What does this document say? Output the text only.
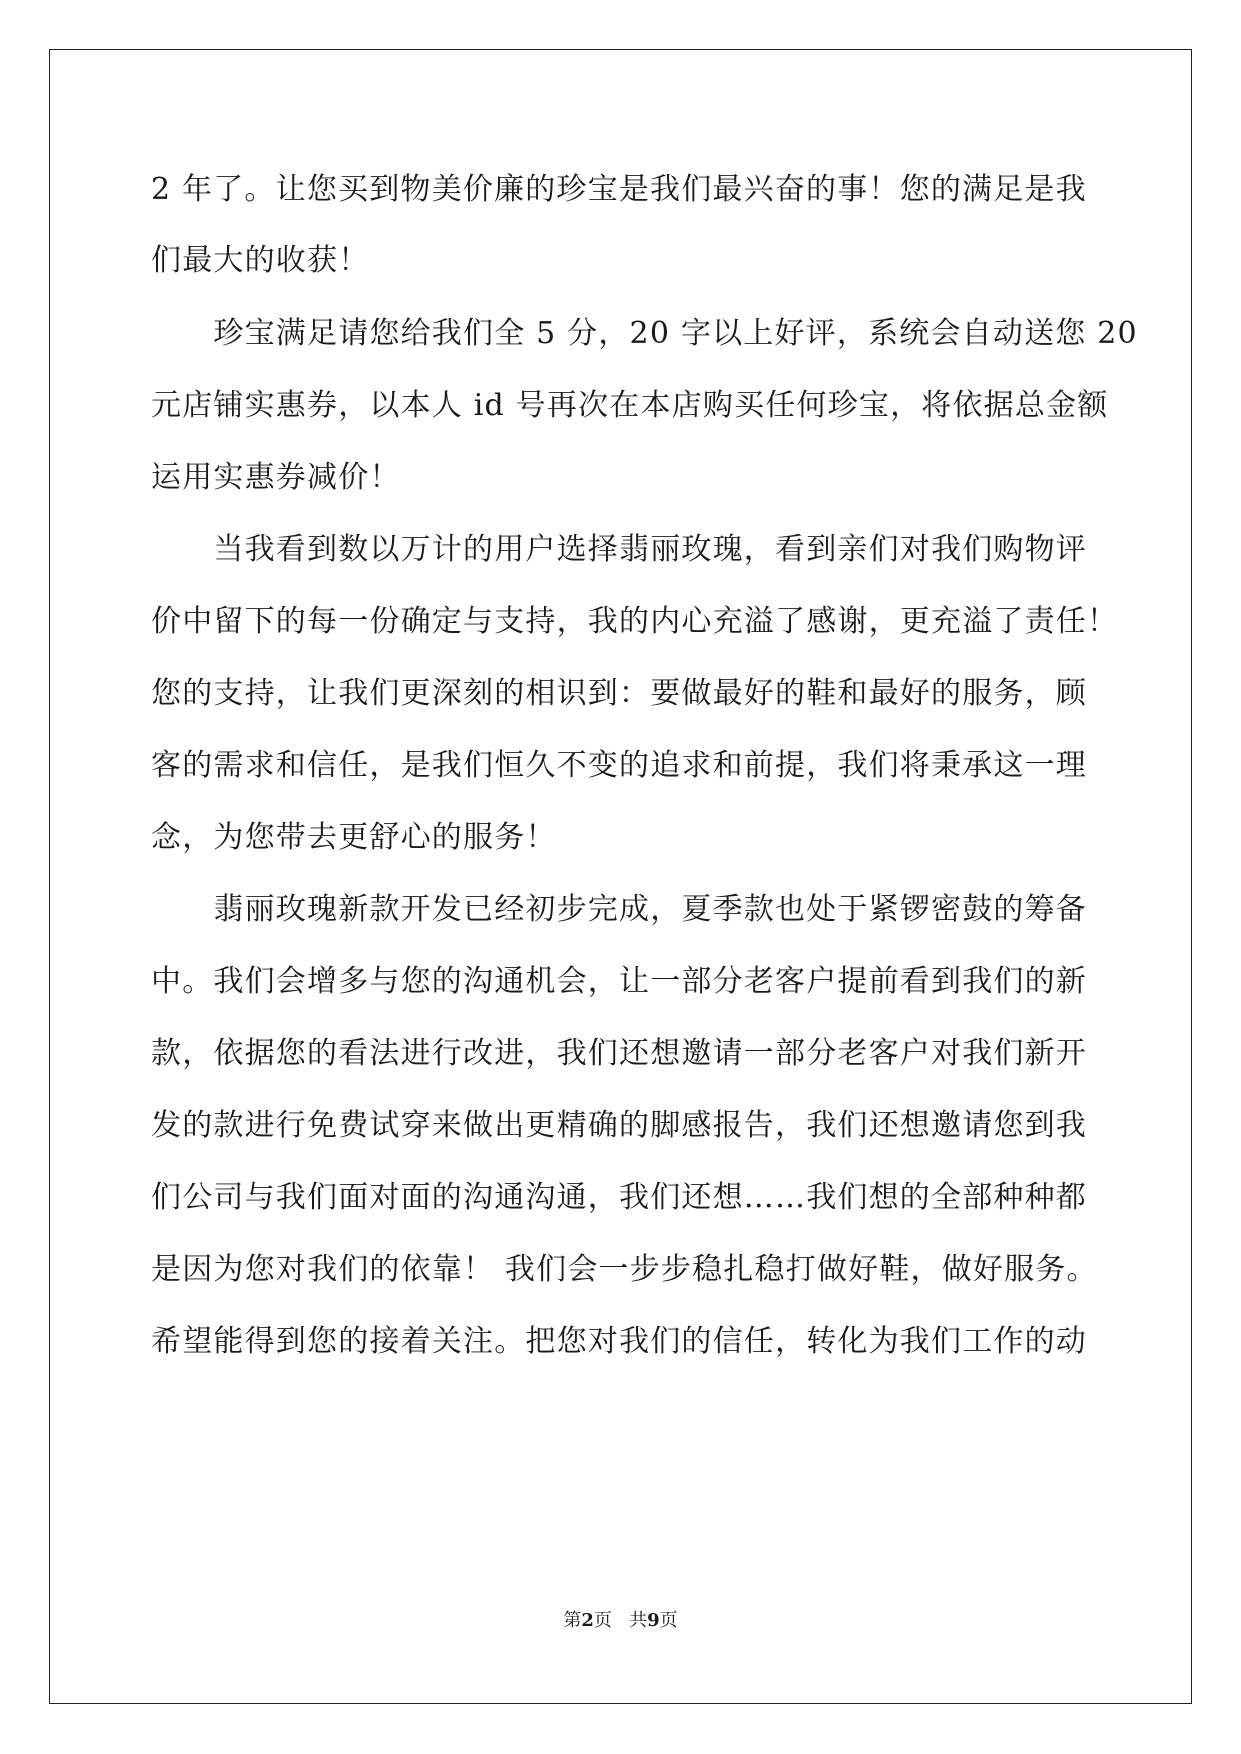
2 年了。让您买到物美价廉的珍宝是我们最兴奋的事！您的满足是我
们最大的收获！
　　珍宝满足请您给我们全 5 分，20 字以上好评，系统会自动送您 20
元店铺实惠券，以本人 id 号再次在本店购买任何珍宝，将依据总金额
运用实惠券减价！
　　当我看到数以万计的用户选择翡丽玫瑰，看到亲们对我们购物评
价中留下的每一份确定与支持，我的内心充溢了感谢，更充溢了责任！
您的支持，让我们更深刻的相识到：要做最好的鞋和最好的服务，顾
客的需求和信任，是我们恒久不变的追求和前提，我们将秉承这一理
念，为您带去更舒心的服务！
　　翡丽玫瑰新款开发已经初步完成，夏季款也处于紧锣密鼓的筹备
中。我们会增多与您的沟通机会，让一部分老客户提前看到我们的新
款，依据您的看法进行改进，我们还想邀请一部分老客户对我们新开
发的款进行免费试穿来做出更精确的脚感报告，我们还想邀请您到我
们公司与我们面对面的沟通沟通，我们还想……我们想的全部种种都
是因为您对我们的依靠！ 我们会一步步稳扎稳打做好鞋，做好服务。
希望能得到您的接着关注。把您对我们的信任，转化为我们工作的动
第2页 共9页
